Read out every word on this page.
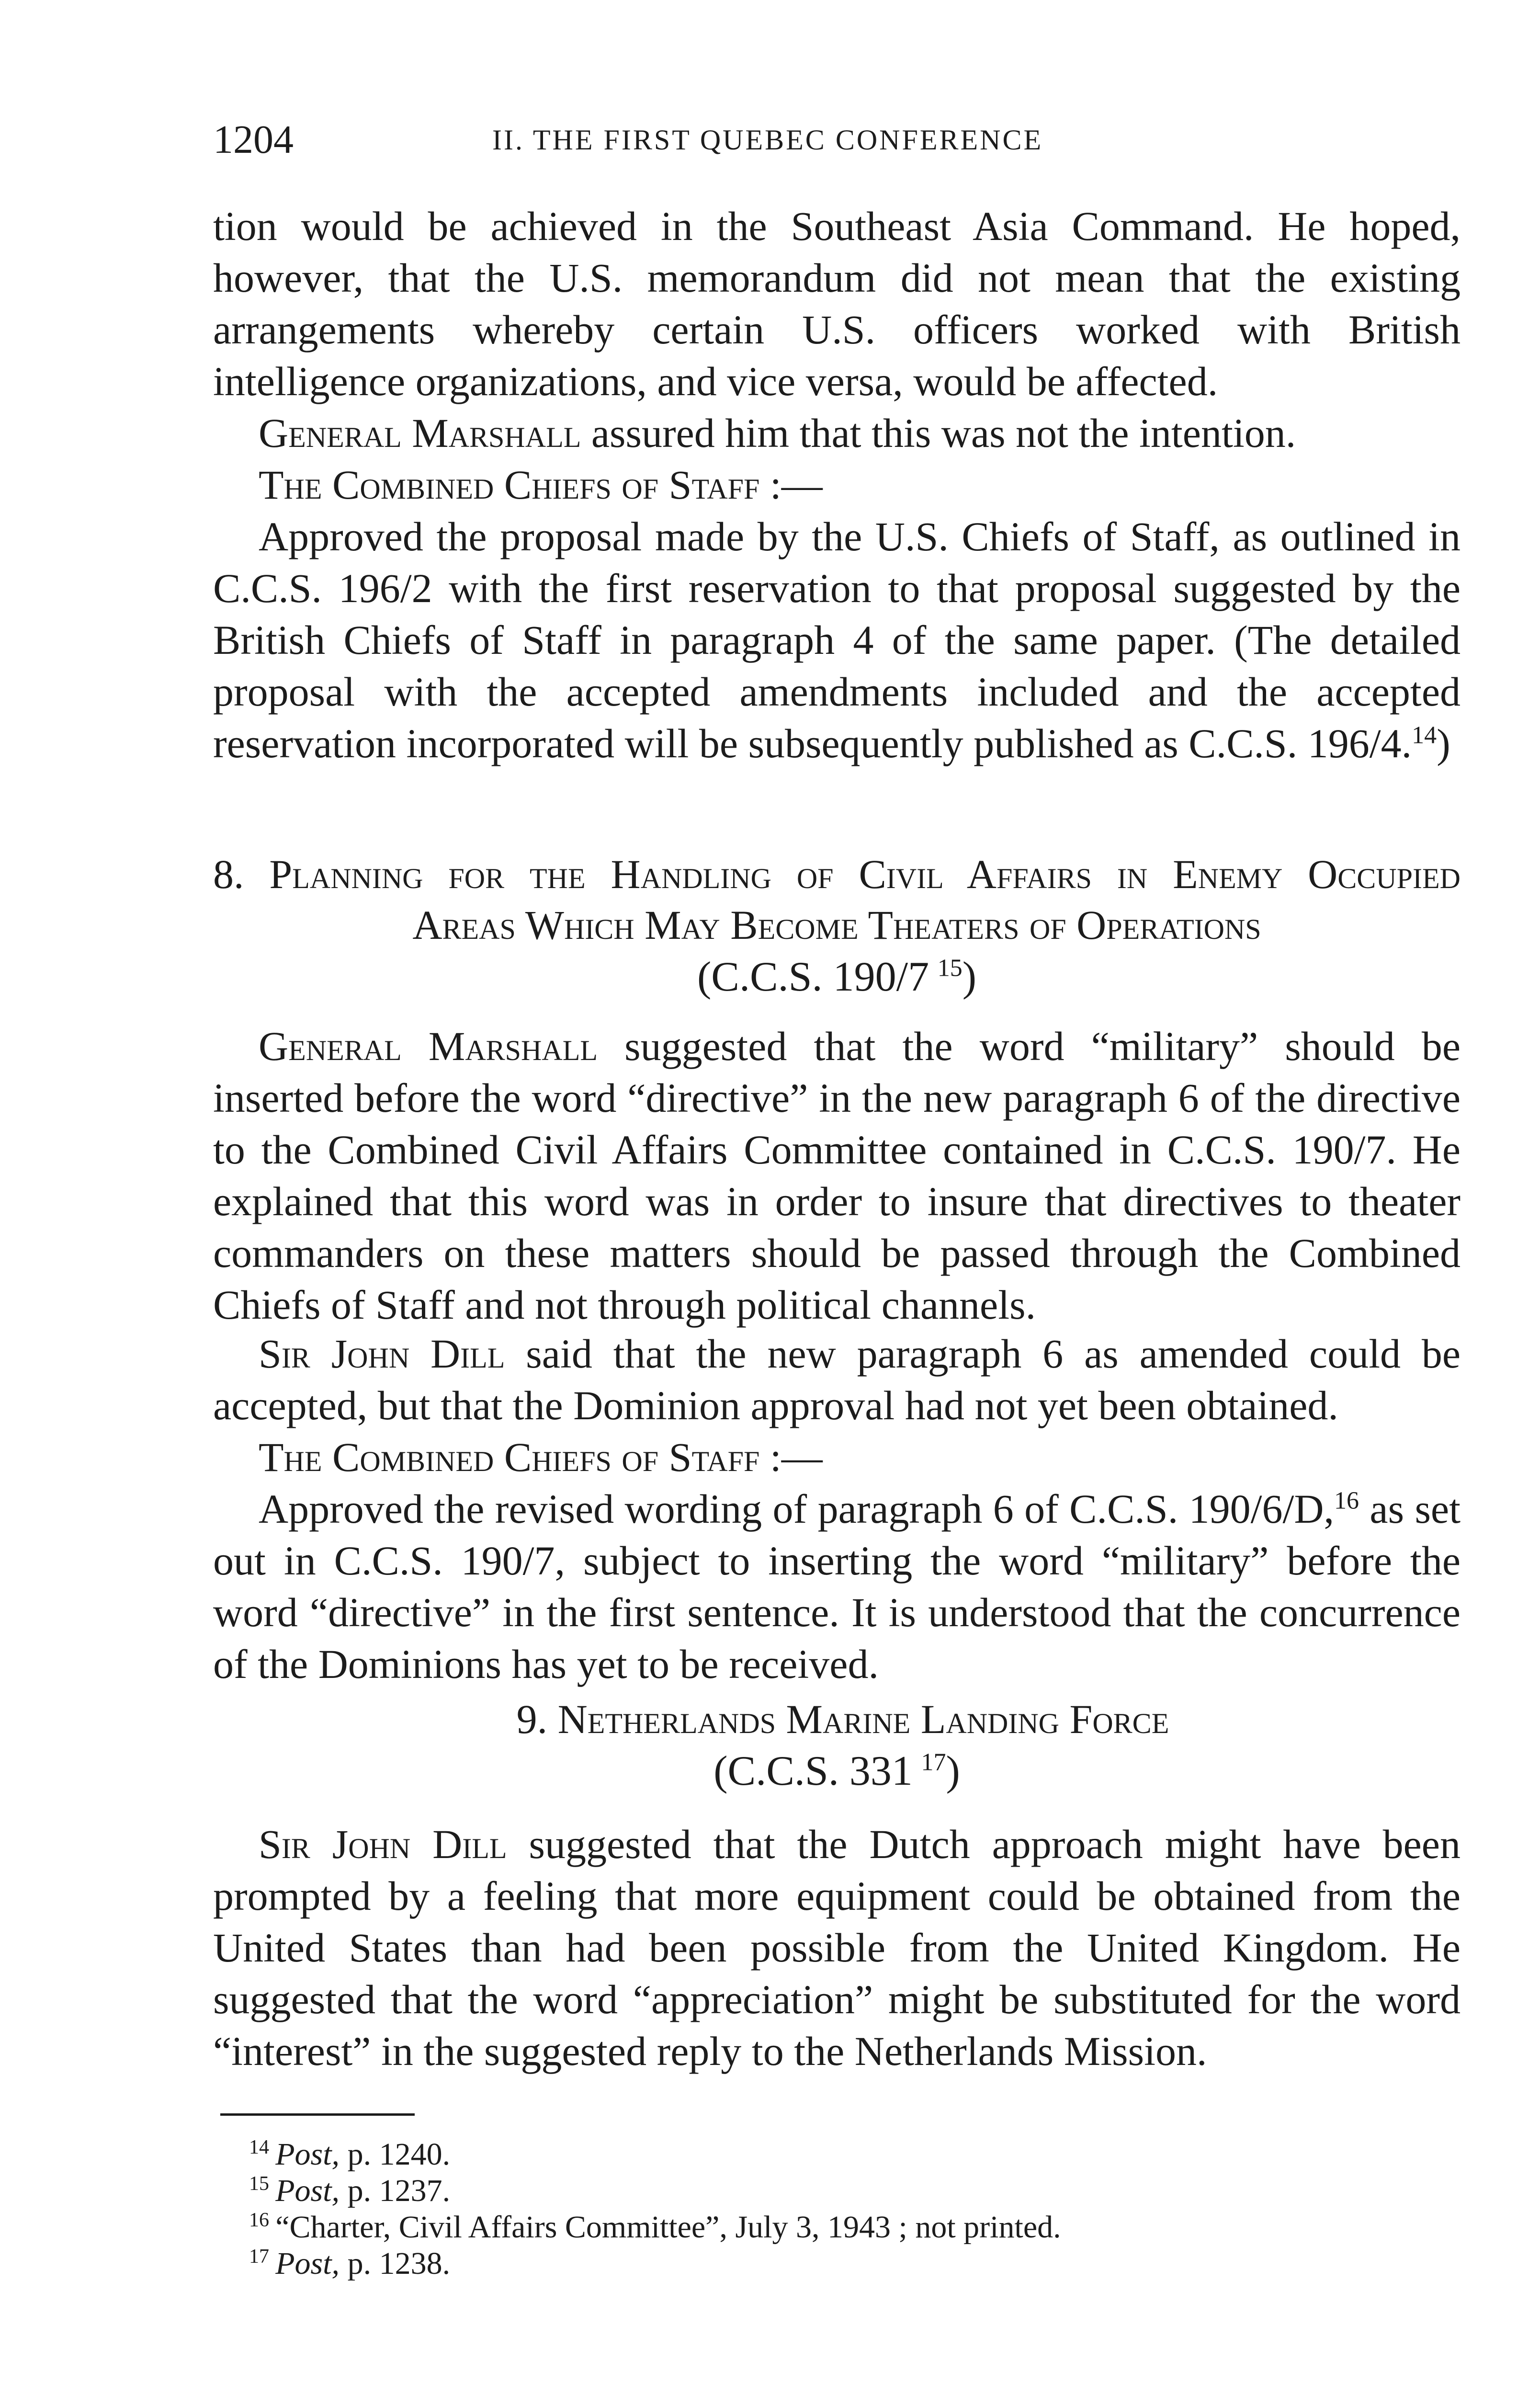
1204	II. THE FIRST QUEBEC CONFERENCE

tion would be achieved in the Southeast Asia Command. He hoped, however, that the U.S. memorandum did not mean that the existing arrangements whereby certain U.S. officers worked with British intelligence organizations, and vice versa, would be affected.

General Marshall assured him that this was not the intention.

The Combined Chiefs of Staff :—

Approved the proposal made by the U.S. Chiefs of Staff, as outlined in C.C.S. 196/2 with the first reservation to that proposal suggested by the British Chiefs of Staff in paragraph 4 of the same paper. (The detailed proposal with the accepted amendments included and the accepted reservation incorporated will be subsequently published as C.C.S. 196/4.14)

8. Planning for the Handling of Civil Affairs in Enemy Occupied

Areas Which May Become Theaters of Operations

(C.C.S. 190/7  $^{15}$)

General Marshall suggested that the word “military” should be inserted before the word “directive” in the new paragraph 6 of the directive to the Combined Civil Affairs Committee contained in C.C.S. 190/7. He explained that this word was in order to insure that directives to theater commanders on these matters should be passed through the Combined Chiefs of Staff and not through political channels.

Sir John Dill said that the new paragraph 6 as amended could be accepted, but that the Dominion approval had not yet been obtained.

The Combined Chiefs of Staff :—

Approved the revised wording of paragraph 6 of C.C.S. 190/6/D,$^{16}$ as set out in C.C.S. 190/7, subject to inserting the word “military” before the word “directive” in the first sentence. It is understood that the concurrence of the Dominions has yet to be received.

9. Netherlands Marine Landing Force

(C.C.S. 331  $^{17}$)

Sir John Dill suggested that the Dutch approach might have been prompted by a feeling that more equipment could be obtained from the United States than had been possible from the United Kingdom. He suggested that the word “appreciation” might be substituted for the word “interest” in the suggested reply to the Netherlands Mission.

$^{14}$  Post, p. 1240.
$^{15}$  Post, p. 1237.
$^{16}$  “Charter, Civil Affairs Committee”, July 3, 1943 ; not printed.
$^{17}$  Post, p. 1238.
